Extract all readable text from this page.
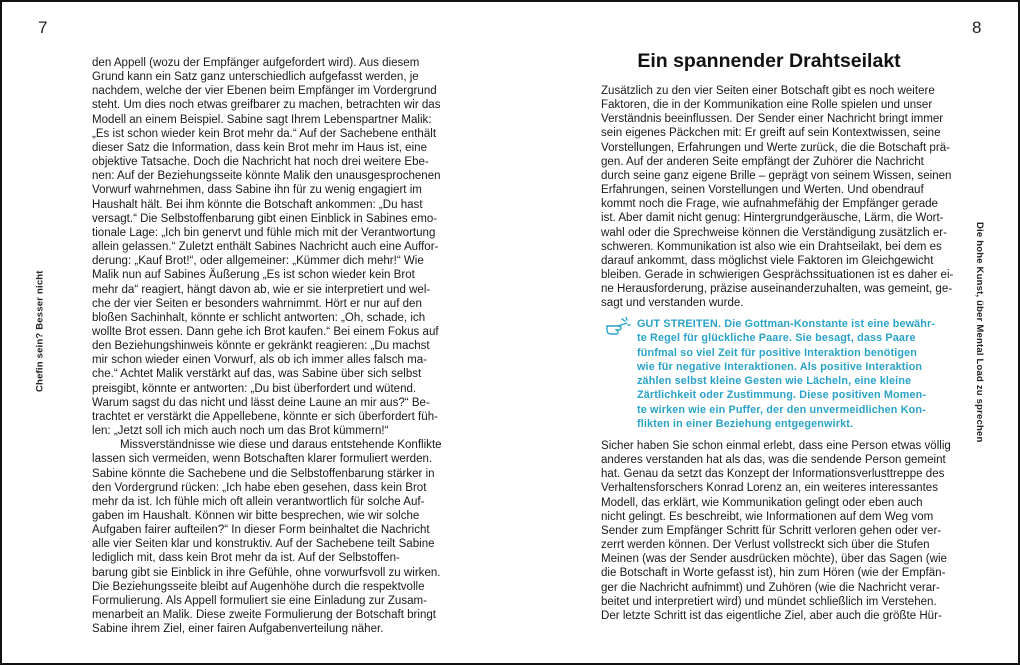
7	8
Chefin sein? Besser nicht	Die hohe Kunst, über Mental Load zu sprechen
den Appell (wozu der Empfänger aufgefordert wird). Aus diesem
Grund kann ein Satz ganz unterschiedlich aufgefasst werden, je
nachdem, welche der vier Ebenen beim Empfänger im Vordergrund
steht. Um dies noch etwas greifbarer zu machen, betrachten wir das
Modell an einem Beispiel. Sabine sagt Ihrem Lebenspartner Malik:
„Es ist schon wieder kein Brot mehr da.“ Auf der Sachebene enthält
dieser Satz die Information, dass kein Brot mehr im Haus ist, eine
objektive Tatsache. Doch die Nachricht hat noch drei weitere Ebe-
nen: Auf der Beziehungsseite könnte Malik den unausgesprochenen
Vorwurf wahrnehmen, dass Sabine ihn für zu wenig engagiert im
Haushalt hält. Bei ihm könnte die Botschaft ankommen: „Du hast
versagt.“ Die Selbstoffenbarung gibt einen Einblick in Sabines emo-
tionale Lage: „Ich bin genervt und fühle mich mit der Verantwortung
allein gelassen.“ Zuletzt enthält Sabines Nachricht auch eine Auffor-
derung: „Kauf Brot!“, oder allgemeiner: „Kümmer dich mehr!“ Wie
Malik nun auf Sabines Äußerung „Es ist schon wieder kein Brot
mehr da“ reagiert, hängt davon ab, wie er sie interpretiert und wel-
che der vier Seiten er besonders wahrnimmt. Hört er nur auf den
bloßen Sachinhalt, könnte er schlicht antworten: „Oh, schade, ich
wollte Brot essen. Dann gehe ich Brot kaufen.“ Bei einem Fokus auf
den Beziehungshinweis könnte er gekränkt reagieren: „Du machst
mir schon wieder einen Vorwurf, als ob ich immer alles falsch ma-
che.“ Achtet Malik verstärkt auf das, was Sabine über sich selbst
preisgibt, könnte er antworten: „Du bist überfordert und wütend.
Warum sagst du das nicht und lässt deine Laune an mir aus?“ Be-
trachtet er verstärkt die Appellebene, könnte er sich überfordert füh-
len: „Jetzt soll ich mich auch noch um das Brot kümmern!“
Missverständnisse wie diese und daraus entstehende Konflikte
lassen sich vermeiden, wenn Botschaften klarer formuliert werden.
Sabine könnte die Sachebene und die Selbstoffenbarung stärker in
den Vordergrund rücken: „Ich habe eben gesehen, dass kein Brot
mehr da ist. Ich fühle mich oft allein verantwortlich für solche Auf-
gaben im Haushalt. Können wir bitte besprechen, wie wir solche
Aufgaben fairer aufteilen?“ In dieser Form beinhaltet die Nachricht
alle vier Seiten klar und konstruktiv. Auf der Sachebene teilt Sabine
lediglich mit, dass kein Brot mehr da ist. Auf der Selbstoffen-
barung gibt sie Einblick in ihre Gefühle, ohne vorwurfsvoll zu wirken.
Die Beziehungsseite bleibt auf Augenhöhe durch die respektvolle
Formulierung. Als Appell formuliert sie eine Einladung zur Zusam-
menarbeit an Malik. Diese zweite Formulierung der Botschaft bringt
Sabine ihrem Ziel, einer fairen Aufgabenverteilung näher.
Ein spannender Drahtseilakt
Zusätzlich zu den vier Seiten einer Botschaft gibt es noch weitere
Faktoren, die in der Kommunikation eine Rolle spielen und unser
Verständnis beeinflussen. Der Sender einer Nachricht bringt immer
sein eigenes Päckchen mit: Er greift auf sein Kontextwissen, seine
Vorstellungen, Erfahrungen und Werte zurück, die die Botschaft prä-
gen. Auf der anderen Seite empfängt der Zuhörer die Nachricht
durch seine ganz eigene Brille – geprägt von seinem Wissen, seinen
Erfahrungen, seinen Vorstellungen und Werten. Und obendrauf
kommt noch die Frage, wie aufnahmefähig der Empfänger gerade
ist. Aber damit nicht genug: Hintergrundgeräusche, Lärm, die Wort-
wahl oder die Sprechweise können die Verständigung zusätzlich er-
schweren. Kommunikation ist also wie ein Drahtseilakt, bei dem es
darauf ankommt, dass möglichst viele Faktoren im Gleichgewicht
bleiben. Gerade in schwierigen Gesprächssituationen ist es daher ei-
ne Herausforderung, präzise auseinanderzuhalten, was gemeint, ge-
sagt und verstanden wurde.
GUT STREITEN. Die Gottman-Konstante ist eine bewähr-
te Regel für glückliche Paare. Sie besagt, dass Paare
fünfmal so viel Zeit für positive Interaktion benötigen
wie für negative Interaktionen. Als positive Interaktion
zählen selbst kleine Gesten wie Lächeln, eine kleine
Zärtlichkeit oder Zustimmung. Diese positiven Momen-
te wirken wie ein Puffer, der den unvermeidlichen Kon-
flikten in einer Beziehung entgegenwirkt.
Sicher haben Sie schon einmal erlebt, dass eine Person etwas völlig
anderes verstanden hat als das, was die sendende Person gemeint
hat. Genau da setzt das Konzept der Informationsverlusttreppe des
Verhaltensforschers Konrad Lorenz an, ein weiteres interessantes
Modell, das erklärt, wie Kommunikation gelingt oder eben auch
nicht gelingt. Es beschreibt, wie Informationen auf dem Weg vom
Sender zum Empfänger Schritt für Schritt verloren gehen oder ver-
zerrt werden können. Der Verlust vollstreckt sich über die Stufen
Meinen (was der Sender ausdrücken möchte), über das Sagen (wie
die Botschaft in Worte gefasst ist), hin zum Hören (wie der Empfän-
ger die Nachricht aufnimmt) und Zuhören (wie die Nachricht verar-
beitet und interpretiert wird) und mündet schließlich im Verstehen.
Der letzte Schritt ist das eigentliche Ziel, aber auch die größte Hür-
